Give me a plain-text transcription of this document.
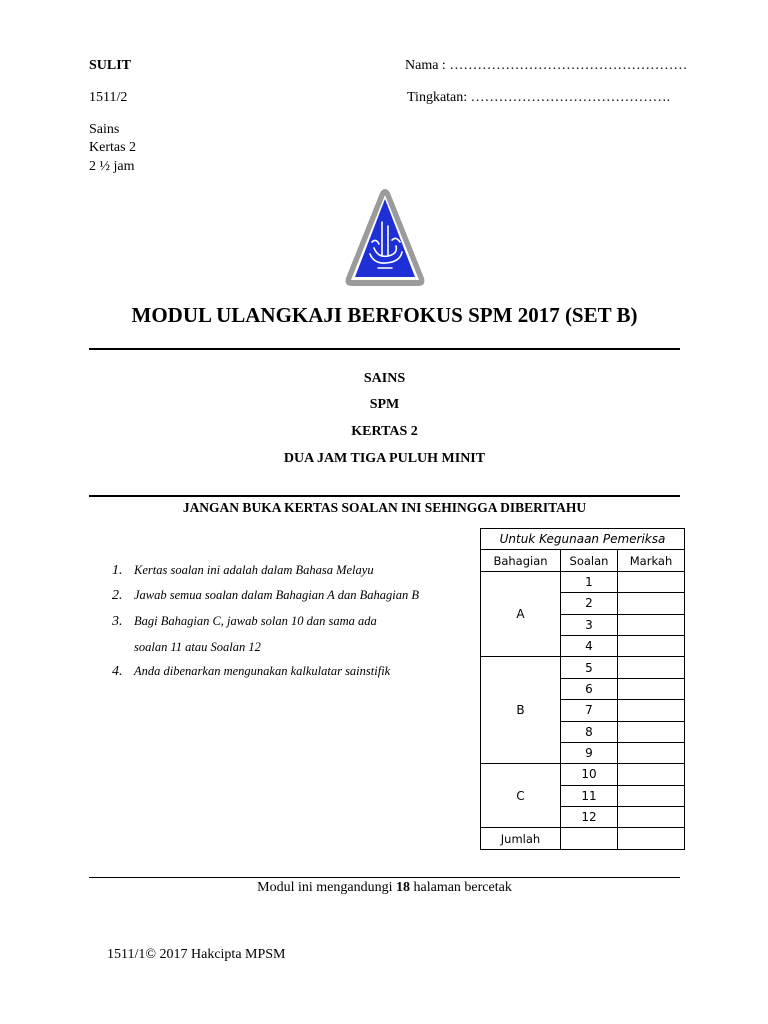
SULIT
1511/2
Sains
Kertas 2
2 ½ jam
Nama : ……………………………………………
Tingkatan: …………………………………….
MODUL ULANGKAJI BERFOKUS SPM 2017 (SET B)
SAINS
SPM
KERTAS 2
DUA JAM TIGA PULUH MINIT
JANGAN BUKA KERTAS SOALAN INI SEHINGGA DIBERITAHU
1. Kertas soalan ini adalah dalam Bahasa Melayu
2. Jawab semua soalan dalam Bahagian A dan Bahagian B
3. Bagi Bahagian C, jawab solan 10 dan sama ada
soalan 11 atau Soalan 12
4. Anda dibenarkan mengunakan kalkulatar sainstifik
Untuk Kegunaan Pemeriksa		
Bahagian	Soalan	Markah
A	1	
	2	
	3	
	4	
B	5	
	6	
	7	
	8	
	9	
C	10	
	11	
	12	
Jumlah		
Modul ini mengandungi 18 halaman bercetak
1511/1© 2017 Hakcipta MPSM
